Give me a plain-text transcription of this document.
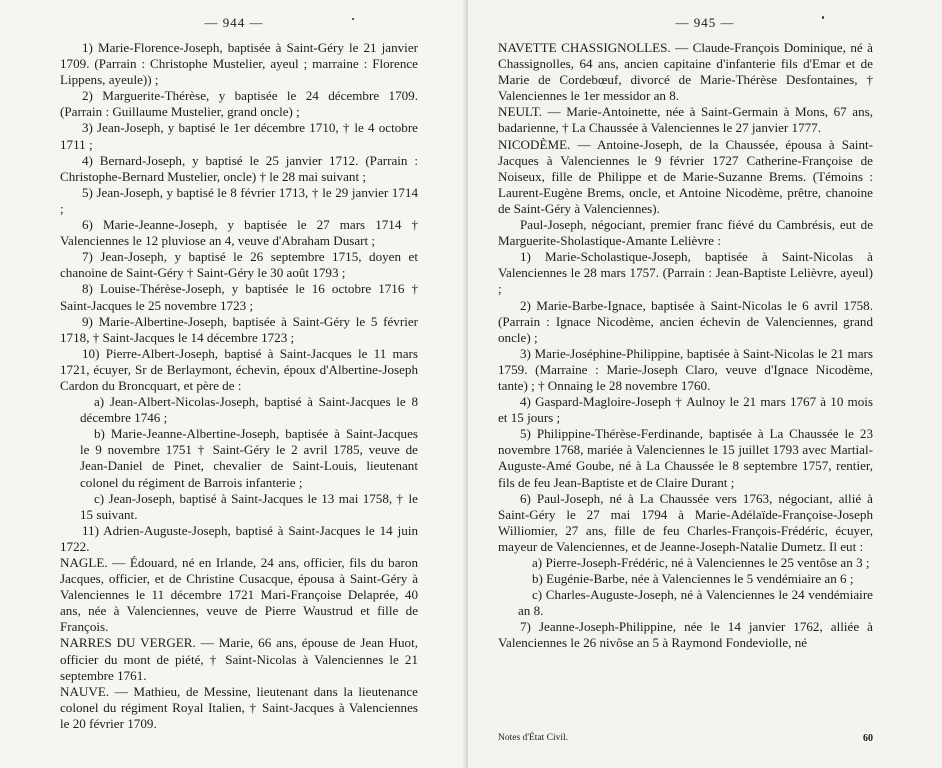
— 944 —

1) Marie-Florence-Joseph, baptisée à Saint-Géry le 21 janvier 1709. (Parrain : Christophe Mustelier, ayeul ; marraine : Florence Lippens, ayeule)) ;

2) Marguerite-Thérèse, y baptisée le 24 décembre 1709. (Parrain : Guillaume Mustelier, grand oncle) ;

3) Jean-Joseph, y baptisé le 1er décembre 1710, † le 4 octobre 1711 ;

4) Bernard-Joseph, y baptisé le 25 janvier 1712. (Parrain : Christophe-Bernard Mustelier, oncle) † le 28 mai suivant ;

5) Jean-Joseph, y baptisé le 8 février 1713, † le 29 janvier 1714 ;

6) Marie-Jeanne-Joseph, y baptisée le 27 mars 1714 † Valenciennes le 12 pluviose an 4, veuve d'Abraham Dusart ;

7) Jean-Joseph, y baptisé le 26 septembre 1715, doyen et chanoine de Saint-Géry † Saint-Géry le 30 août 1793 ;

8) Louise-Thérèse-Joseph, y baptisée le 16 octobre 1716 † Saint-Jacques le 25 novembre 1723 ;

9) Marie-Albertine-Joseph, baptisée à Saint-Géry le 5 février 1718, † Saint-Jacques le 14 décembre 1723 ;

10) Pierre-Albert-Joseph, baptisé à Saint-Jacques le 11 mars 1721, écuyer, Sr de Berlaymont, échevin, époux d'Albertine-Joseph Cardon du Broncquart, et père de :

a) Jean-Albert-Nicolas-Joseph, baptisé à Saint-Jacques le 8 décembre 1746 ;

b) Marie-Jeanne-Albertine-Joseph, baptisée à Saint-Jacques le 9 novembre 1751 † Saint-Géry le 2 avril 1785, veuve de Jean-Daniel de Pinet, chevalier de Saint-Louis, lieutenant colonel du régiment de Barrois infanterie ;

c) Jean-Joseph, baptisé à Saint-Jacques le 13 mai 1758, † le 15 suivant.

11) Adrien-Auguste-Joseph, baptisé à Saint-Jacques le 14 juin 1722.

NAGLE. — Édouard, né en Irlande, 24 ans, officier, fils du baron Jacques, officier, et de Christine Cusacque, épousa à Saint-Géry à Valenciennes le 11 décembre 1721 Mari-Françoise Delaprée, 40 ans, née à Valenciennes, veuve de Pierre Waustrud et fille de François.

NARRES DU VERGER. — Marie, 66 ans, épouse de Jean Huot, officier du mont de piété, † Saint-Nicolas à Valenciennes le 21 septembre 1761.

NAUVE. — Mathieu, de Messine, lieutenant dans la lieutenance colonel du régiment Royal Italien, † Saint-Jacques à Valenciennes le 20 février 1709.

— 945 —

NAVETTE CHASSIGNOLLES. — Claude-François Dominique, né à Chassignolles, 64 ans, ancien capitaine d'infanterie fils d'Emar et de Marie de Cordebœuf, divorcé de Marie-Thérèse Desfontaines, † Valenciennes le 1er messidor an 8.

NEULT. — Marie-Antoinette, née à Saint-Germain à Mons, 67 ans, badarienne, † La Chaussée à Valenciennes le 27 janvier 1777.

NICODÈME. — Antoine-Joseph, de la Chaussée, épousa à Saint-Jacques à Valenciennes le 9 février 1727 Catherine-Françoise de Noiseux, fille de Philippe et de Marie-Suzanne Brems. (Témoins : Laurent-Eugène Brems, oncle, et Antoine Nicodème, prêtre, chanoine de Saint-Géry à Valenciennes).

Paul-Joseph, négociant, premier franc fiévé du Cambrésis, eut de Marguerite-Sholastique-Amante Lelièvre :

1) Marie-Scholastique-Joseph, baptisée à Saint-Nicolas à Valenciennes le 28 mars 1757. (Parrain : Jean-Baptiste Lelièvre, ayeul) ;

2) Marie-Barbe-Ignace, baptisée à Saint-Nicolas le 6 avril 1758. (Parrain : Ignace Nicodème, ancien échevin de Valenciennes, grand oncle) ;

3) Marie-Joséphine-Philippine, baptisée à Saint-Nicolas le 21 mars 1759. (Marraine : Marie-Joseph Claro, veuve d'Ignace Nicodème, tante) ; † Onnaing le 28 novembre 1760.

4) Gaspard-Magloire-Joseph † Aulnoy le 21 mars 1767 à 10 mois et 15 jours ;

5) Philippine-Thérèse-Ferdinande, baptisée à La Chaussée le 23 novembre 1768, mariée à Valenciennes le 15 juillet 1793 avec Martial-Auguste-Amé Goube, né à La Chaussée le 8 septembre 1757, rentier, fils de feu Jean-Baptiste et de Claire Durant ;

6) Paul-Joseph, né à La Chaussée vers 1763, négociant, allié à Saint-Géry le 27 mai 1794 à Marie-Adélaïde-Françoise-Joseph Williomier, 27 ans, fille de feu Charles-François-Frédéric, écuyer, mayeur de Valenciennes, et de Jeanne-Joseph-Natalie Dumetz. Il eut :

a) Pierre-Joseph-Frédéric, né à Valenciennes le 25 ventôse an 3 ;

b) Eugénie-Barbe, née à Valenciennes le 5 vendémiaire an 6 ;

c) Charles-Auguste-Joseph, né à Valenciennes le 24 vendémiaire an 8.

7) Jeanne-Joseph-Philippine, née le 14 janvier 1762, alliée à Valenciennes le 26 nivôse an 5 à Raymond Fondeviolle, né

Notes d'État Civil.	60
